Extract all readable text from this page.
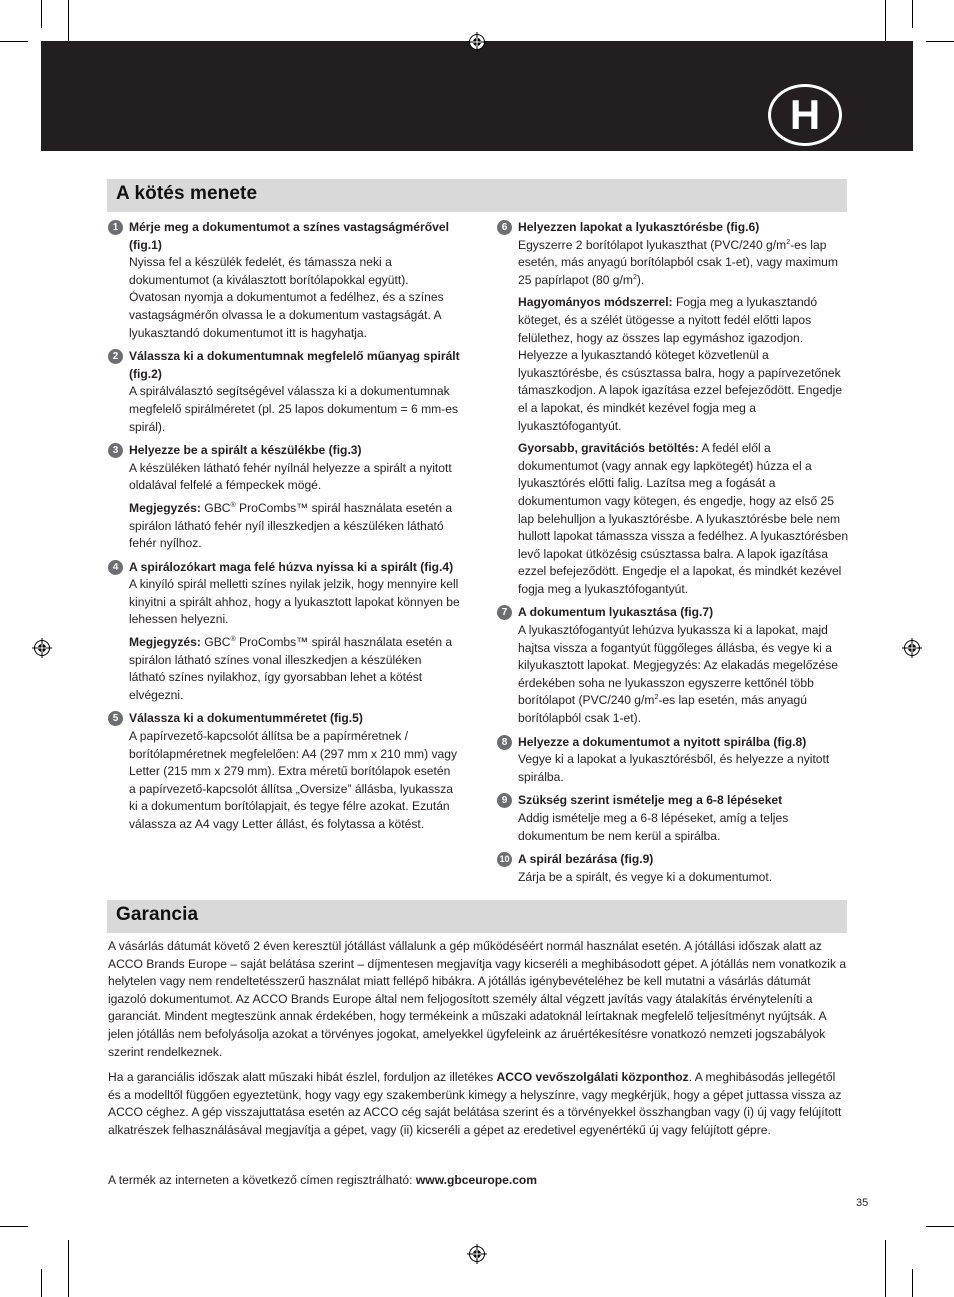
H
A kötés menete
1 Mérje meg a dokumentumot a színes vastagságmérővel (fig.1)
Nyissa fel a készülék fedelét, és támassza neki a dokumentumot (a kiválasztott borítólapokkal együtt). Óvatosan nyomja a dokumentumot a fedélhez, és a színes vastagságmérőn olvassa le a dokumentum vastagságát. A lyukasztandó dokumentumot itt is hagyhatja.
2 Válassza ki a dokumentumnak megfelelő műanyag spirált (fig.2)
A spirálválasztó segítségével válassza ki a dokumentumnak megfelelő spirálméretet (pl. 25 lapos dokumentum = 6 mm-es spirál).
3 Helyezze be a spirált a készülékbe (fig.3)
A készüléken látható fehér nyílnál helyezze a spirált a nyitott oldalával felfelé a fémpeckek mögé.
Megjegyzés: GBC® ProCombs™ spirál használata esetén a spirálon látható fehér nyíl illeszkedjen a készüléken látható fehér nyílhoz.
4 A spirálozókart maga felé húzva nyissa ki a spirált (fig.4)
A kinyíló spirál melletti színes nyilak jelzik, hogy mennyire kell kinyitni a spirált ahhoz, hogy a lyukasztott lapokat könnyen be lehessen helyezni.
Megjegyzés: GBC® ProCombs™ spirál használata esetén a spirálon látható színes vonal illeszkedjen a készüléken látható színes nyilakhoz, így gyorsabban lehet a kötést elvégezni.
5 Válassza ki a dokumentumméretet (fig.5)
A papírvezető-kapcsolót állítsa be a papírméretnek / borítólapméretnek megfelelően: A4 (297 mm x 210 mm) vagy Letter (215 mm x 279 mm). Extra méretű borítólapok esetén a papírvezető-kapcsolót állítsa „Oversize” állásba, lyukassza ki a dokumentum borítólapjait, és tegye félre azokat. Ezután válassza az A4 vagy Letter állást, és folytassa a kötést.
6 Helyezzen lapokat a lyukasztórésbe (fig.6)
Egyszerre 2 borítólapot lyukaszthat (PVC/240 $g/m^2-es$ lap esetén, más anyagú borítólapból csak 1-et), vagy maximum 25 papírlapot (80 $g/m^2$).
Hagyományos módszerrel: Fogja meg a lyukasztandó köteget, és a szélét ütögesse a nyitott fedél előtti lapos felülethez, hogy az összes lap egymáshoz igazodjon. Helyezze a lyukasztandó köteget közvetlenül a lyukasztórésbe, és csúsztassa balra, hogy a papírvezetőnek támaszkodjon. A lapok igazítása ezzel befejeződött. Engedje el a lapokat, és mindkét kezével fogja meg a lyukasztófogantyút.
Gyorsabb, gravitációs betöltés: A fedél elől a dokumentumot (vagy annak egy lapkötegét) húzza el a lyukasztórés előtti falig. Lazítsa meg a fogását a dokumentumon vagy kötegen, és engedje, hogy az első 25 lap belehulljon a lyukasztórésbe. A lyukasztórésbe bele nem hullott lapokat támassza vissza a fedélhez. A lyukasztórésben levő lapokat ütközésig csúsztassa balra. A lapok igazítása ezzel befejeződött. Engedje el a lapokat, és mindkét kezével fogja meg a lyukasztófogantyút.
7 A dokumentum lyukasztása (fig.7)
A lyukasztófogantyút lehúzva lyukassza ki a lapokat, majd hajtsa vissza a fogantyút függőleges állásba, és vegye ki a kilyukasztott lapokat. Megjegyzés: Az elakadás megelőzése érdekében soha ne lyukasszon egyszerre kettőnél több borítólapot (PVC/240 $g/m^2-es$ lap esetén, más anyagú borítólapból csak 1-et).
8 Helyezze a dokumentumot a nyitott spirálba (fig.8)
Vegye ki a lapokat a lyukasztórésből, és helyezze a nyitott spirálba.
9 Szükség szerint ismételje meg a 6-8 lépéseket
Addig ismételje meg a 6-8 lépéseket, amíg a teljes dokumentum be nem kerül a spirálba.
10 A spirál bezárása (fig.9)
Zárja be a spirált, és vegye ki a dokumentumot.
Garancia

A vásárlás dátumát követő 2 éven keresztül jótállást vállalunk a gép működéséért normál használat esetén. A jótállási időszak alatt az ACCO Brands Europe – saját belátása szerint – díjmentesen megjavítja vagy kicseréli a meghibásodott gépet. A jótállás nem vonatkozik a helytelen vagy nem rendeltetésszerű használat miatt fellépő hibákra. A jótállás igénybevételéhez be kell mutatni a vásárlás dátumát igazoló dokumentumot. Az ACCO Brands Europe által nem feljogosított személy által végzett javítás vagy átalakítás érvényteleníti a garanciát. Mindent megteszünk annak érdekében, hogy termékeink a műszaki adatoknál leírtaknak megfelelő teljesítményt nyújtsák. A jelen jótállás nem befolyásolja azokat a törvényes jogokat, amelyekkel ügyfeleink az áruértékesítésre vonatkozó nemzeti jogszabályok szerint rendelkeznek.

Ha a garanciális időszak alatt műszaki hibát észlel, forduljon az illetékes ACCO vevőszolgálati központhoz. A meghibásodás jellegétől és a modelltől függően egyeztetünk, hogy vagy egy szakemberünk kimegy a helyszínre, vagy megkérjük, hogy a gépet juttassa vissza az ACCO céghez. A gép visszajuttatása esetén az ACCO cég saját belátása szerint és a törvényekkel összhangban vagy (i) új vagy felújított alkatrészek felhasználásával megjavítja a gépet, vagy (ii) kicseréli a gépet az eredetivel egyenértékű új vagy felújított gépre.

A termék az interneten a következő címen regisztrálható: www.gbceurope.com
35
